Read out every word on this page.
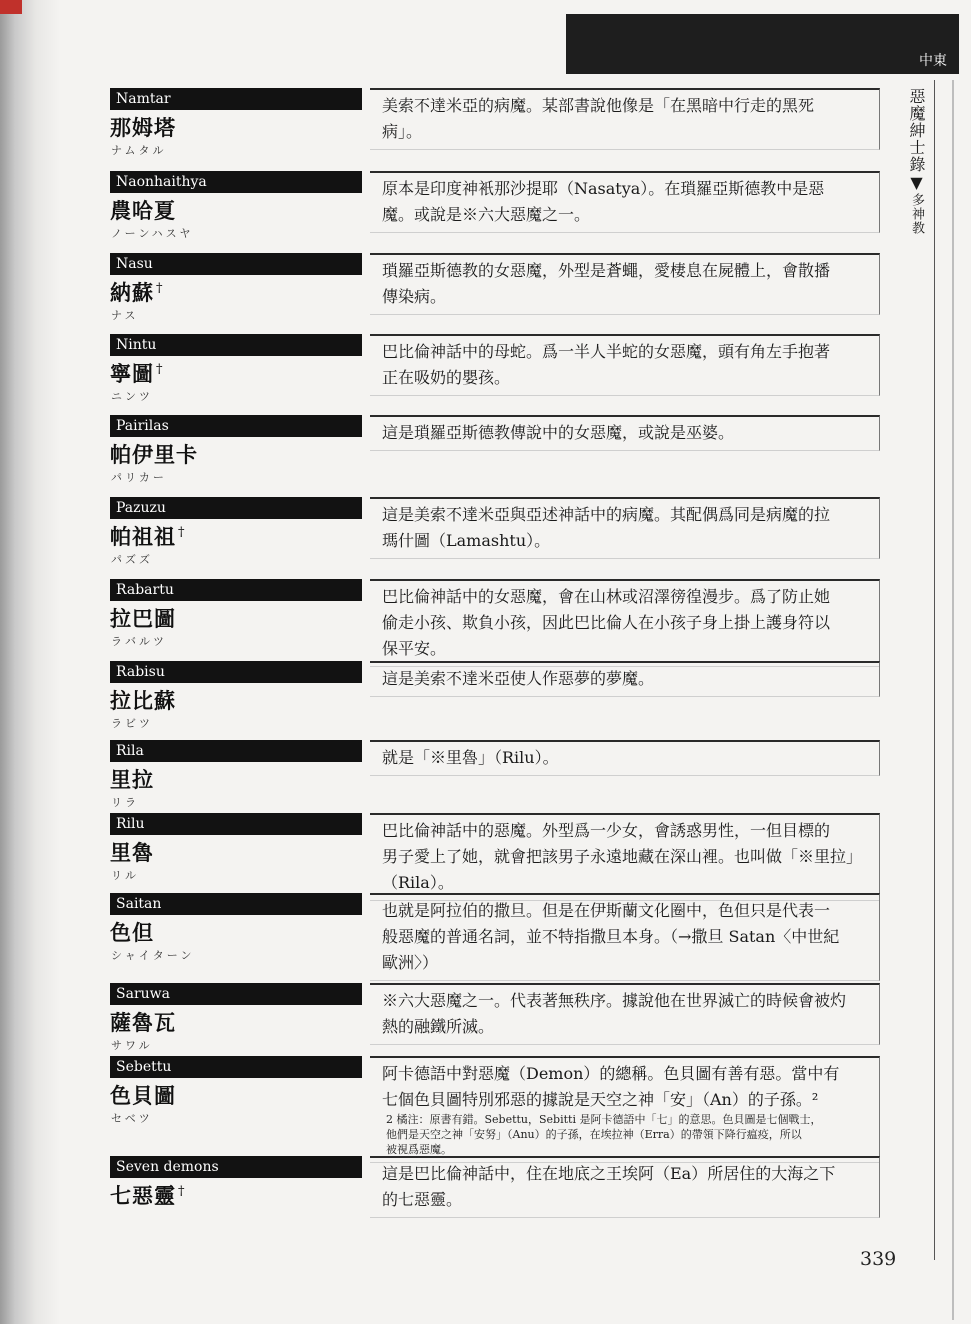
中東
惡魔紳士錄▼多神教
Namtar
那姆塔
ナムタル
美索不達米亞的病魔。某部書說他像是「在黑暗中行走的黑死
病」。
Naonhaithya
農哈夏
ノーンハスヤ
原本是印度神衹那沙提耶（Nasatya）。在瑣羅亞斯德教中是惡
魔。或說是※六大惡魔之一。
Nasu
納蘇 †
ナス
瑣羅亞斯德教的女惡魔，外型是蒼蠅，愛棲息在屍體上，會散播
傳染病。
Nintu
寧圖 †
ニンツ
巴比倫神話中的母蛇。爲一半人半蛇的女惡魔，頭有角左手抱著
正在吸奶的嬰孩。
Pairilas
帕伊里卡
パリカー
這是瑣羅亞斯德教傳說中的女惡魔，或說是巫婆。
Pazuzu
帕祖祖 †
パズズ
這是美索不達米亞與亞述神話中的病魔。其配偶爲同是病魔的拉
瑪什圖（Lamashtu）。
Rabartu
拉巴圖
ラバルツ
巴比倫神話中的女惡魔，會在山林或沼澤徬徨漫步。爲了防止她
偷走小孩、欺負小孩，因此巴比倫人在小孩子身上掛上護身符以
保平安。
Rabisu
拉比蘇
ラビツ
這是美索不達米亞使人作惡夢的夢魔。
Rila
里拉
リラ
就是「※里魯」（Rilu）。
Rilu
里魯
リル
巴比倫神話中的惡魔。外型爲一少女，會誘惑男性，一但目標的
男子愛上了她，就會把該男子永遠地藏在深山裡。也叫做「※里拉」
（Rila）。
Saitan
色但
シャイターン
也就是阿拉伯的撒旦。但是在伊斯蘭文化圈中，色但只是代表一
般惡魔的普通名詞，並不特指撒旦本身。（→撒旦 Satan〈中世紀
歐洲〉）
Saruwa
薩魯瓦
サワル
※六大惡魔之一。代表著無秩序。據說他在世界滅亡的時候會被灼
熱的融鐵所滅。
Sebettu
色貝圖
セベツ
阿卡德語中對惡魔（Demon）的總稱。色貝圖有善有惡。當中有
七個色貝圖特別邪惡的據說是天空之神「安」（An）的子孫。²
2 橘注：原書有錯。Sebettu，Sebitti 是阿卡德語中「七」的意思。色貝圖是七個戰士，
他們是天空之神「安努」（Anu）的子孫，在埃拉神（Erra）的帶領下降行瘟疫，所以
被視爲惡魔。
Seven demons
七惡靈 †
這是巴比倫神話中，住在地底之王埃阿（Ea）所居住的大海之下
的七惡靈。
339
